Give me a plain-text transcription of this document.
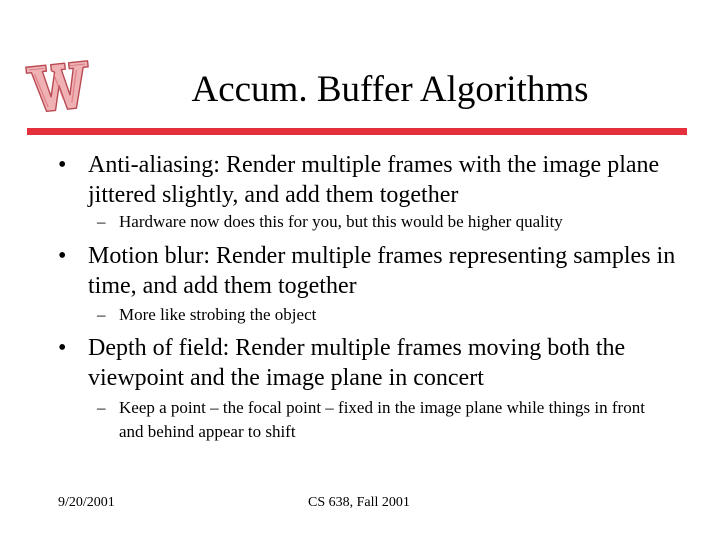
Accum. Buffer Algorithms
• Anti-aliasing: Render multiple frames with the image plane jittered slightly, and add them together
– Hardware now does this for you, but this would be higher quality
• Motion blur: Render multiple frames representing samples in time, and add them together
– More like strobing the object
• Depth of field: Render multiple frames moving both the viewpoint and the image plane in concert
– Keep a point – the focal point – fixed in the image plane while things in front and behind appear to shift
9/20/2001	CS 638, Fall 2001
